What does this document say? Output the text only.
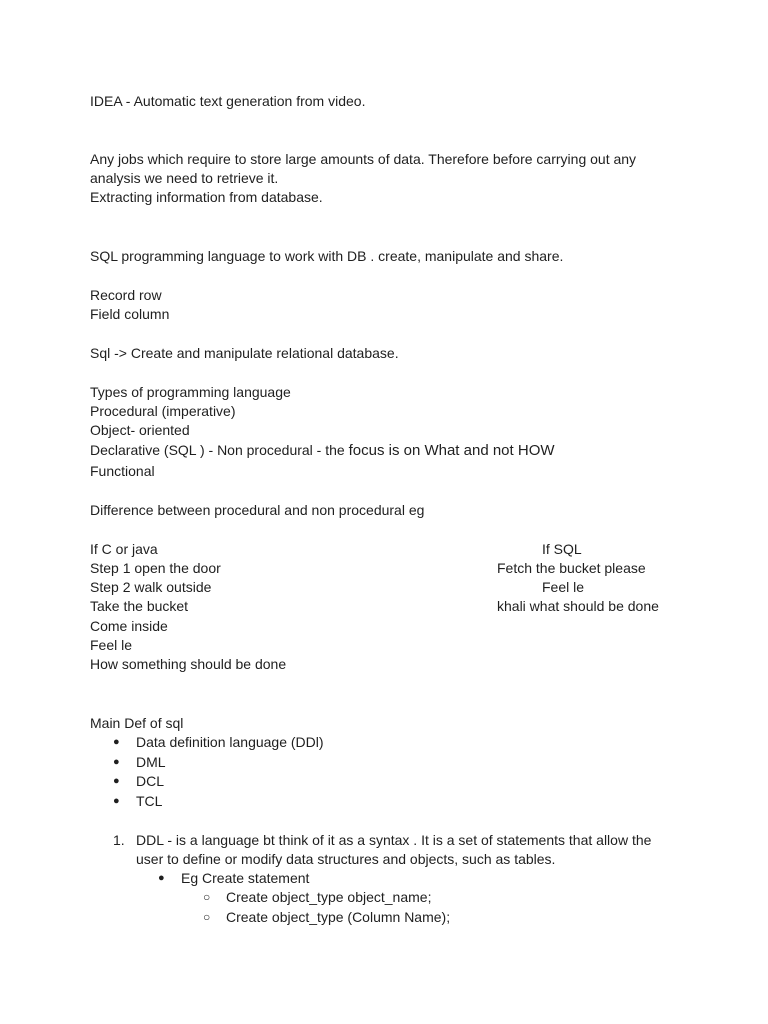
IDEA - Automatic text generation from video.
Any jobs which require to store large amounts of data. Therefore before carrying out any
analysis we need to retrieve it.
Extracting information from database.
SQL programming language to work with DB . create, manipulate and share.
Record row
Field column
Sql -> Create and manipulate relational database.
Types of programming language
Procedural (imperative)
Object- oriented
Declarative (SQL ) - Non procedural - the focus is on What and not HOW
Functional
Difference between procedural and non procedural eg
If C or java
Step 1 open the door
Step 2 walk outside
Take the bucket
Come inside
Feel le
How something should be done
If SQL
Fetch the bucket please
Feel le
khali what should be done
Main Def of sql
● Data definition language (DDl)
● DML
● DCL
● TCL
1. DDL - is a language bt think of it as a syntax . It is a set of statements that allow the
user to define or modify data structures and objects, such as tables.
● Eg Create statement
○ Create object_type object_name;
○ Create object_type (Column Name);
